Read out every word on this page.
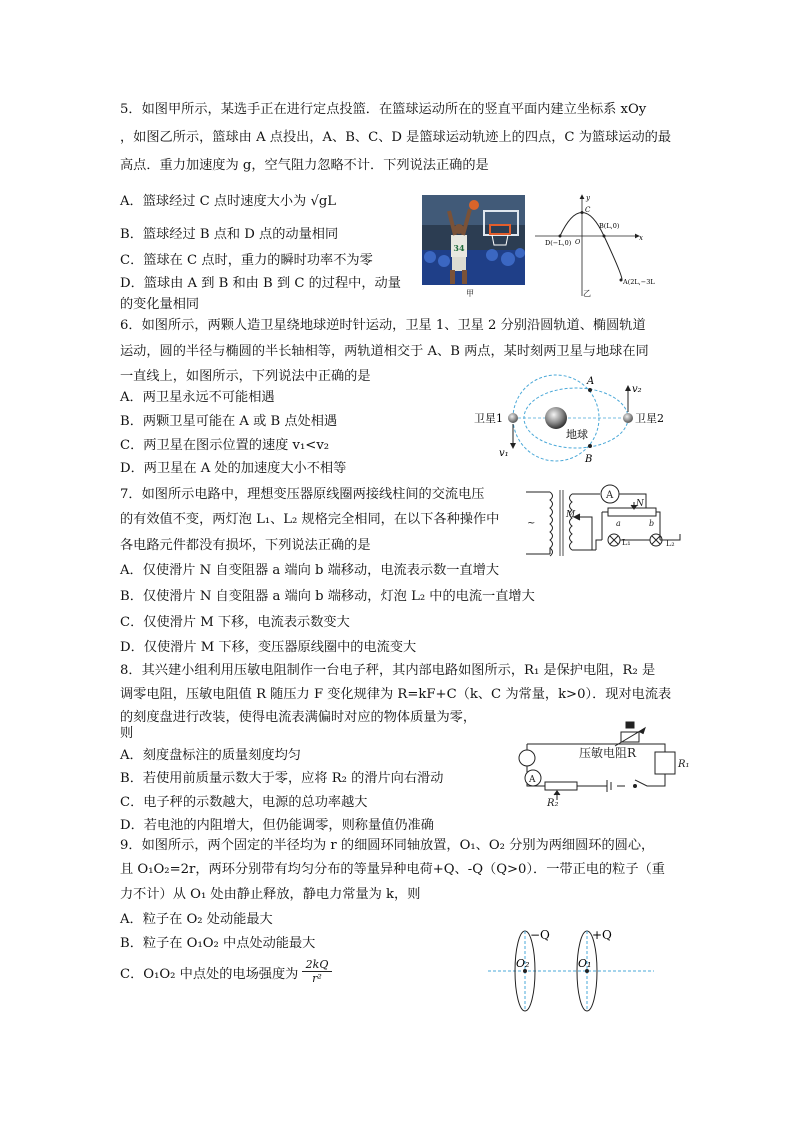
5．如图甲所示，某选手正在进行定点投篮．在篮球运动所在的竖直平面内建立坐标系 xOy
，如图乙所示，篮球由 A 点投出，A、B、C、D 是篮球运动轨迹上的四点，C 为篮球运动的最
高点．重力加速度为 g，空气阻力忽略不计．下列说法正确的是
A．篮球经过 C 点时速度大小为 √gL
B．篮球经过 B 点和 D 点的动量相同
C．篮球在 C 点时，重力的瞬时功率不为零
D．篮球由 A 到 B 和由 B 到 C 的过程中，动量
的变化量相同
34
甲
y
x
C
B(L,0)
D(−L,0) O
A(2L,−3L)
乙
6．如图所示，两颗人造卫星绕地球逆时针运动，卫星 1、卫星 2 分别沿圆轨道、椭圆轨道
运动，圆的半径与椭圆的半长轴相等，两轨道相交于 A、B 两点，某时刻两卫星与地球在同
一直线上，如图所示，下列说法中正确的是
A．两卫星永远不可能相遇
B．两颗卫星可能在 A 或 B 点处相遇
C．两卫星在图示位置的速度 v₁<v₂
D．两卫星在 A 处的加速度大小不相等
卫星1	卫星2
地球
A
B
v₁
v₂
7．如图所示电路中，理想变压器原线圈两接线柱间的交流电压
的有效值不变，两灯泡 L₁、L₂ 规格完全相同，在以下各种操作中
各电路元件都没有损坏，下列说法正确的是
A．仅使滑片 N 自变阻器 a 端向 b 端移动，电流表示数一直增大
B．仅使滑片 N 自变阻器 a 端向 b 端移动，灯泡 L₂ 中的电流一直增大
C．仅使滑片 M 下移，电流表示数变大
D．仅使滑片 M 下移，变压器原线圈中的电流变大
A
N
M
a	b
L₁	L₂
~
8．其兴建小组利用压敏电阻制作一台电子秤，其内部电路如图所示，R₁ 是保护电阻，R₂ 是
调零电阻，压敏电阻值 R 随压力 F 变化规律为 R=kF+C（k、C 为常量，k>0）．现对电流表
的刻度盘进行改装，使得电流表满偏时对应的物体质量为零，
则
A．刻度盘标注的质量刻度均匀
B．若使用前质量示数大于零，应将 R₂ 的滑片向右滑动
C．电子秤的示数越大，电源的总功率越大
D．若电池的内阻增大，但仍能调零，则称量值仍准确
A
压敏电阻R
R₁
R₂
9．如图所示，两个固定的半径均为 r 的细圆环同轴放置，O₁、O₂ 分别为两细圆环的圆心，
且 O₁O₂=2r，两环分别带有均匀分布的等量异种电荷+Q、-Q（Q>0）．一带正电的粒子（重
力不计）从 O₁ 处由静止释放，静电力常量为 k，则
A．粒子在 O₂ 处动能最大
B．粒子在 O₁O₂ 中点处动能最大
C．O₁O₂ 中点处的电场强度为 $\frac{2kQ}{\text{r²}}$
−Q	+Q
O₂	O₁
